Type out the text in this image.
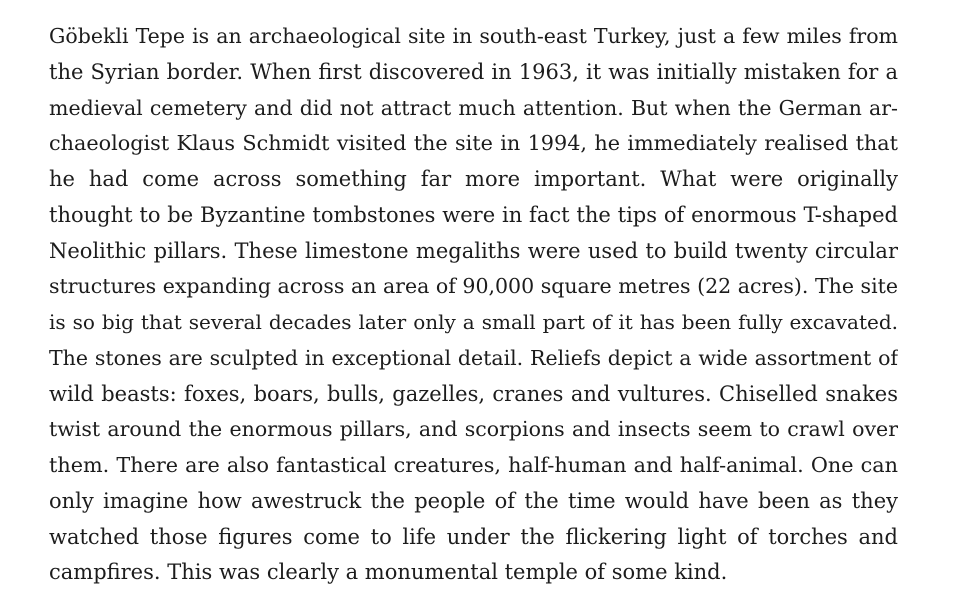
Göbekli Tepe is an archaeological site in south-east Turkey, just a few miles from
the Syrian border. When first discovered in 1963, it was initially mistaken for a
medieval cemetery and did not attract much attention. But when the German ar-
chaeologist Klaus Schmidt visited the site in 1994, he immediately realised that
he had come across something far more important. What were originally
thought to be Byzantine tombstones were in fact the tips of enormous T-shaped
Neolithic pillars. These limestone megaliths were used to build twenty circular
structures expanding across an area of 90,000 square metres (22 acres). The site
is so big that several decades later only a small part of it has been fully excavated.
The stones are sculpted in exceptional detail. Reliefs depict a wide assortment of
wild beasts: foxes, boars, bulls, gazelles, cranes and vultures. Chiselled snakes
twist around the enormous pillars, and scorpions and insects seem to crawl over
them. There are also fantastical creatures, half-human and half-animal. One can
only imagine how awestruck the people of the time would have been as they
watched those figures come to life under the flickering light of torches and
campfires. This was clearly a monumental temple of some kind.
